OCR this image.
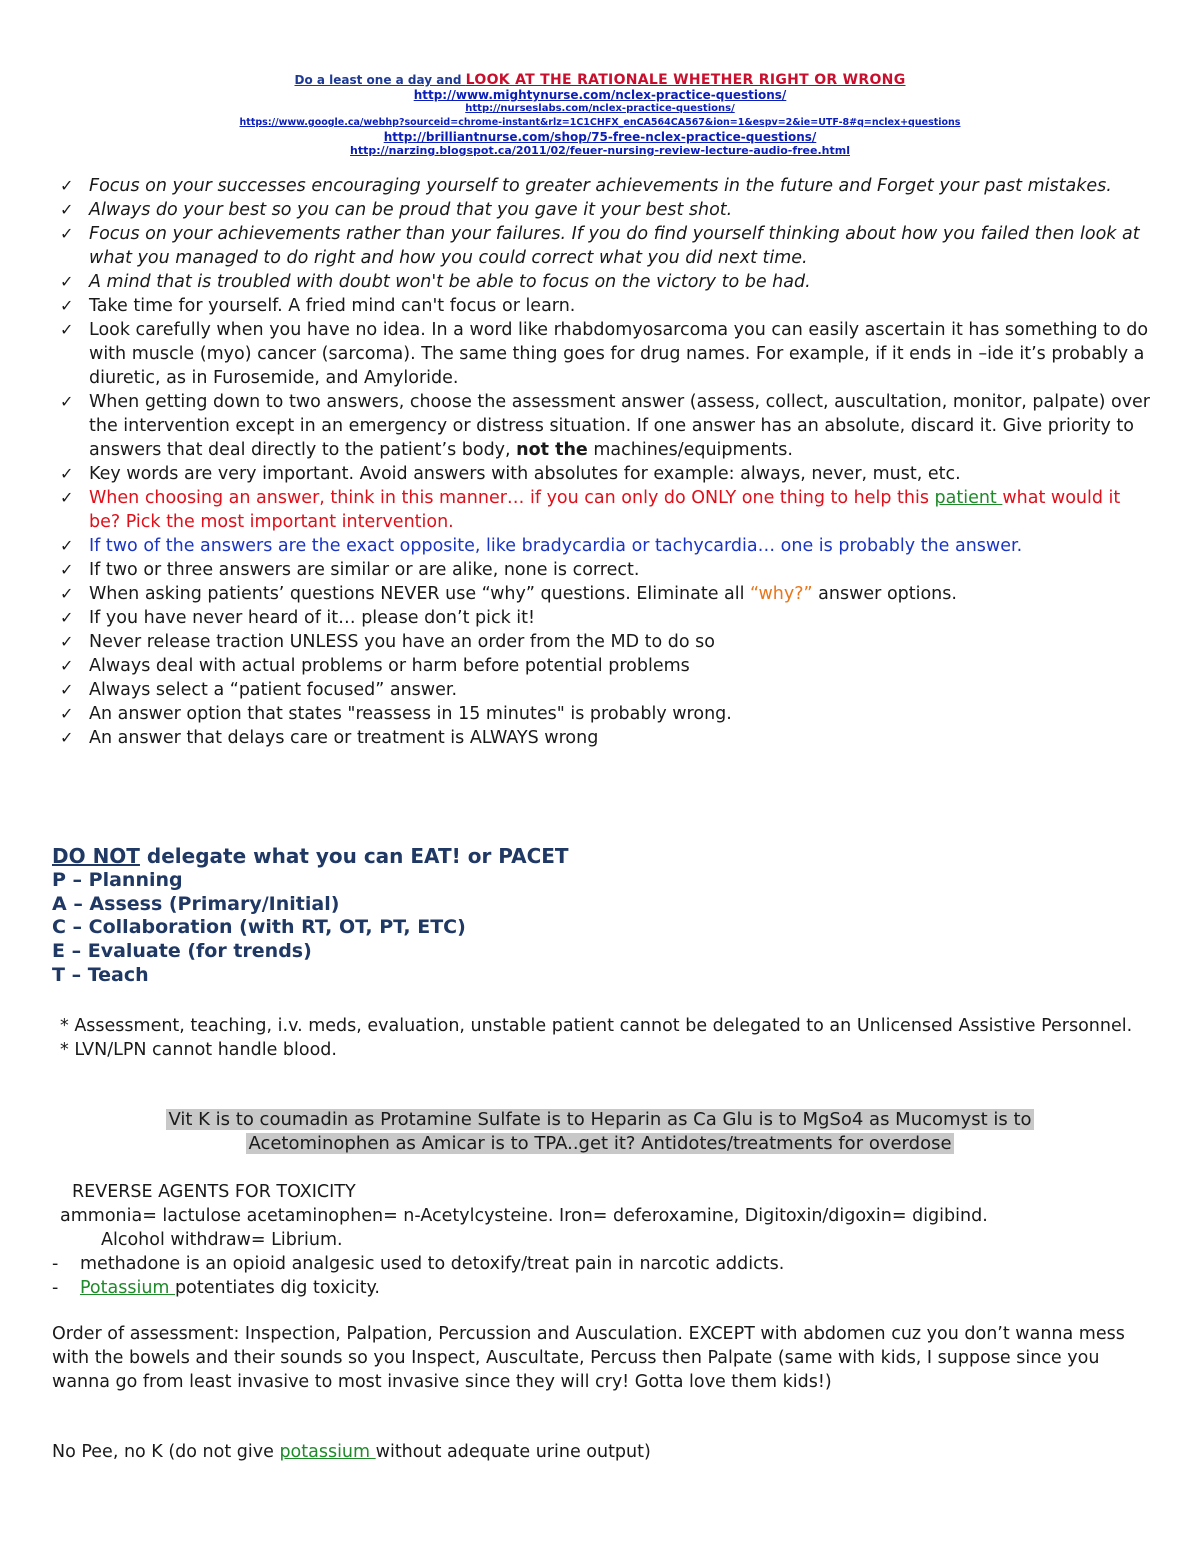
Do a least one a day and LOOK AT THE RATIONALE WHETHER RIGHT OR WRONG
http://www.mightynurse.com/nclex-practice-questions/
http://nurseslabs.com/nclex-practice-questions/
https://www.google.ca/webhp?sourceid=chrome-instant&rlz=1C1CHFX_enCA564CA567&ion=1&espv=2&ie=UTF-8#q=nclex+questions
http://brilliantnurse.com/shop/75-free-nclex-practice-questions/
http://narzing.blogspot.ca/2011/02/feuer-nursing-review-lecture-audio-free.html
✓ Focus on your successes encouraging yourself to greater achievements in the future and Forget your past mistakes.
✓ Always do your best so you can be proud that you gave it your best shot.
✓ Focus on your achievements rather than your failures. If you do find yourself thinking about how you failed then look at what you managed to do right and how you could correct what you did next time.
✓ A mind that is troubled with doubt won't be able to focus on the victory to be had.
✓ Take time for yourself. A fried mind can't focus or learn.
✓ Look carefully when you have no idea. In a word like rhabdomyosarcoma you can easily ascertain it has something to do with muscle (myo) cancer (sarcoma). The same thing goes for drug names. For example, if it ends in –ide it’s probably a diuretic, as in Furosemide, and Amyloride.
✓ When getting down to two answers, choose the assessment answer (assess, collect, auscultation, monitor, palpate) over the intervention except in an emergency or distress situation. If one answer has an absolute, discard it. Give priority to answers that deal directly to the patient’s body, not the machines/equipments.
✓ Key words are very important. Avoid answers with absolutes for example: always, never, must, etc.
✓ When choosing an answer, think in this manner… if you can only do ONLY one thing to help this patient what would it be? Pick the most important intervention.
✓ If two of the answers are the exact opposite, like bradycardia or tachycardia… one is probably the answer.
✓ If two or three answers are similar or are alike, none is correct.
✓ When asking patients’ questions NEVER use “why” questions. Eliminate all “why?” answer options.
✓ If you have never heard of it… please don’t pick it!
✓ Never release traction UNLESS you have an order from the MD to do so
✓ Always deal with actual problems or harm before potential problems
✓ Always select a “patient focused” answer.
✓ An answer option that states "reassess in 15 minutes" is probably wrong.
✓ An answer that delays care or treatment is ALWAYS wrong
DO NOT delegate what you can EAT! or PACET
P – Planning
A – Assess (Primary/Initial)
C – Collaboration (with RT, OT, PT, ETC)
E – Evaluate (for trends)
T – Teach
* Assessment, teaching, i.v. meds, evaluation, unstable patient cannot be delegated to an Unlicensed Assistive Personnel.
* LVN/LPN cannot handle blood.
Vit K is to coumadin as Protamine Sulfate is to Heparin as Ca Glu is to MgSo4 as Mucomyst is to
Acetominophen as Amicar is to TPA..get it? Antidotes/treatments for overdose
REVERSE AGENTS FOR TOXICITY
ammonia= lactulose acetaminophen= n-Acetylcysteine. Iron= deferoxamine, Digitoxin/digoxin= digibind.
Alcohol withdraw= Librium.
- methadone is an opioid analgesic used to detoxify/treat pain in narcotic addicts.
- Potassium potentiates dig toxicity.
Order of assessment: Inspection, Palpation, Percussion and Ausculation. EXCEPT with abdomen cuz you don’t wanna mess with the bowels and their sounds so you Inspect, Auscultate, Percuss then Palpate (same with kids, I suppose since you wanna go from least invasive to most invasive since they will cry! Gotta love them kids!)
No Pee, no K (do not give potassium without adequate urine output)
